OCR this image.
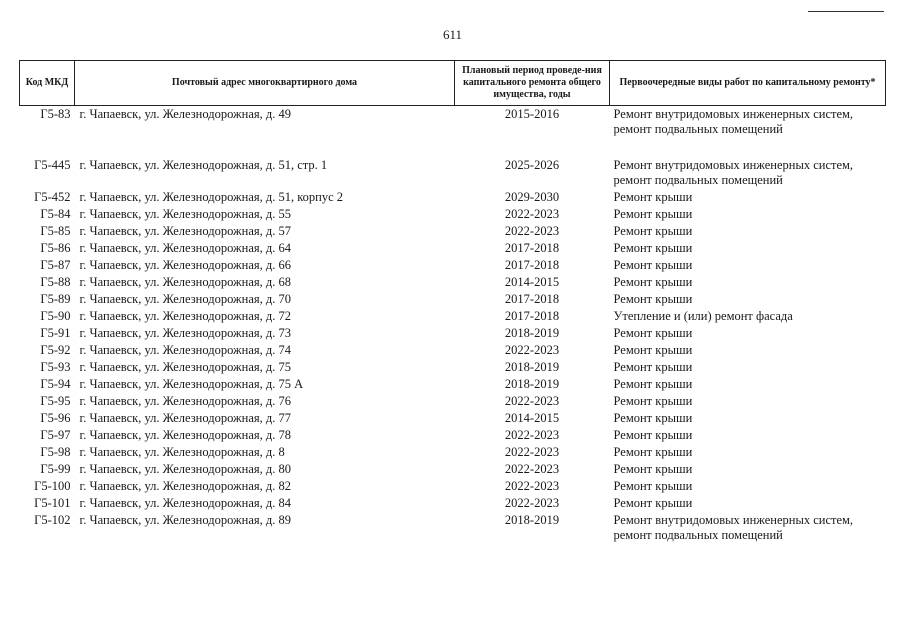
611
Код МКД	Почтовый адрес многоквартирного дома	Плановый период проведе-ния капитального ремонта общего имущества, годы	Первоочередные виды работ по капитальному ремонту*
Г5-83	г. Чапаевск, ул. Железнодорожная, д. 49	2015-2016	Ремонт внутридомовых инженерных систем, ремонт подвальных помещений
Г5-445	г. Чапаевск, ул. Железнодорожная, д. 51, стр. 1	2025-2026	Ремонт внутридомовых инженерных систем, ремонт подвальных помещений
Г5-452	г. Чапаевск, ул. Железнодорожная, д. 51, корпус 2	2029-2030	Ремонт крыши
Г5-84	г. Чапаевск, ул. Железнодорожная, д. 55	2022-2023	Ремонт крыши
Г5-85	г. Чапаевск, ул. Железнодорожная, д. 57	2022-2023	Ремонт крыши
Г5-86	г. Чапаевск, ул. Железнодорожная, д. 64	2017-2018	Ремонт крыши
Г5-87	г. Чапаевск, ул. Железнодорожная, д. 66	2017-2018	Ремонт крыши
Г5-88	г. Чапаевск, ул. Железнодорожная, д. 68	2014-2015	Ремонт крыши
Г5-89	г. Чапаевск, ул. Железнодорожная, д. 70	2017-2018	Ремонт крыши
Г5-90	г. Чапаевск, ул. Железнодорожная, д. 72	2017-2018	Утепление и (или) ремонт фасада
Г5-91	г. Чапаевск, ул. Железнодорожная, д. 73	2018-2019	Ремонт крыши
Г5-92	г. Чапаевск, ул. Железнодорожная, д. 74	2022-2023	Ремонт крыши
Г5-93	г. Чапаевск, ул. Железнодорожная, д. 75	2018-2019	Ремонт крыши
Г5-94	г. Чапаевск, ул. Железнодорожная, д. 75 А	2018-2019	Ремонт крыши
Г5-95	г. Чапаевск, ул. Железнодорожная, д. 76	2022-2023	Ремонт крыши
Г5-96	г. Чапаевск, ул. Железнодорожная, д. 77	2014-2015	Ремонт крыши
Г5-97	г. Чапаевск, ул. Железнодорожная, д. 78	2022-2023	Ремонт крыши
Г5-98	г. Чапаевск, ул. Железнодорожная, д. 8	2022-2023	Ремонт крыши
Г5-99	г. Чапаевск, ул. Железнодорожная, д. 80	2022-2023	Ремонт крыши
Г5-100	г. Чапаевск, ул. Железнодорожная, д. 82	2022-2023	Ремонт крыши
Г5-101	г. Чапаевск, ул. Железнодорожная, д. 84	2022-2023	Ремонт крыши
Г5-102	г. Чапаевск, ул. Железнодорожная, д. 89	2018-2019	Ремонт внутридомовых инженерных систем, ремонт подвальных помещений
